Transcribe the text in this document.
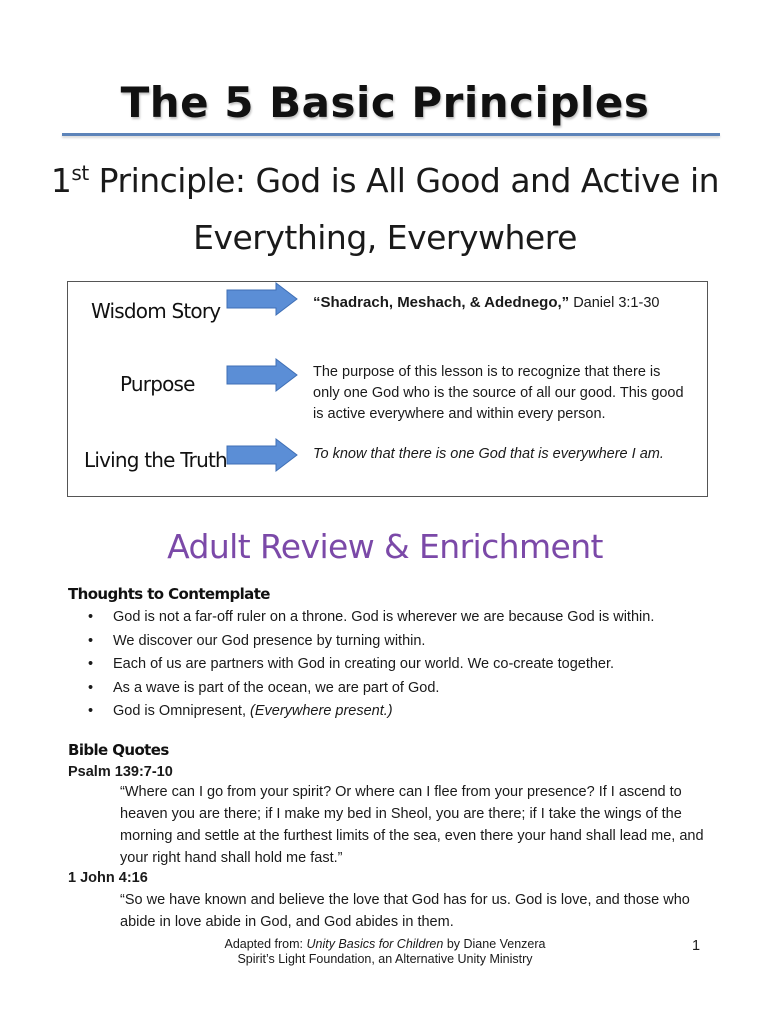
The 5 Basic Principles
1st Principle: God is All Good and Active in
Everything, Everywhere
Wisdom Story	“Shadrach, Meshach, & Adednego,” Daniel 3:1-30
Purpose	The purpose of this lesson is to recognize that there is only one God who is the source of all our good. This good is active everywhere and within every person.
Living the Truth	To know that there is one God that is everywhere I am.
Adult Review & Enrichment
Thoughts to Contemplate
• God is not a far-off ruler on a throne. God is wherever we are because God is within.
• We discover our God presence by turning within.
• Each of us are partners with God in creating our world. We co-create together.
• As a wave is part of the ocean, we are part of God.
• God is Omnipresent, (Everywhere present.)
Bible Quotes
Psalm 139:7-10
“Where can I go from your spirit? Or where can I flee from your presence? If I ascend to heaven you are there; if I make my bed in Sheol, you are there; if I take the wings of the morning and settle at the furthest limits of the sea, even there your hand shall lead me, and your right hand shall hold me fast.”
1 John 4:16
“So we have known and believe the love that God has for us. God is love, and those who abide in love abide in God, and God abides in them.
Adapted from: Unity Basics for Children by Diane Venzera
Spirit’s Light Foundation, an Alternative Unity Ministry
1
